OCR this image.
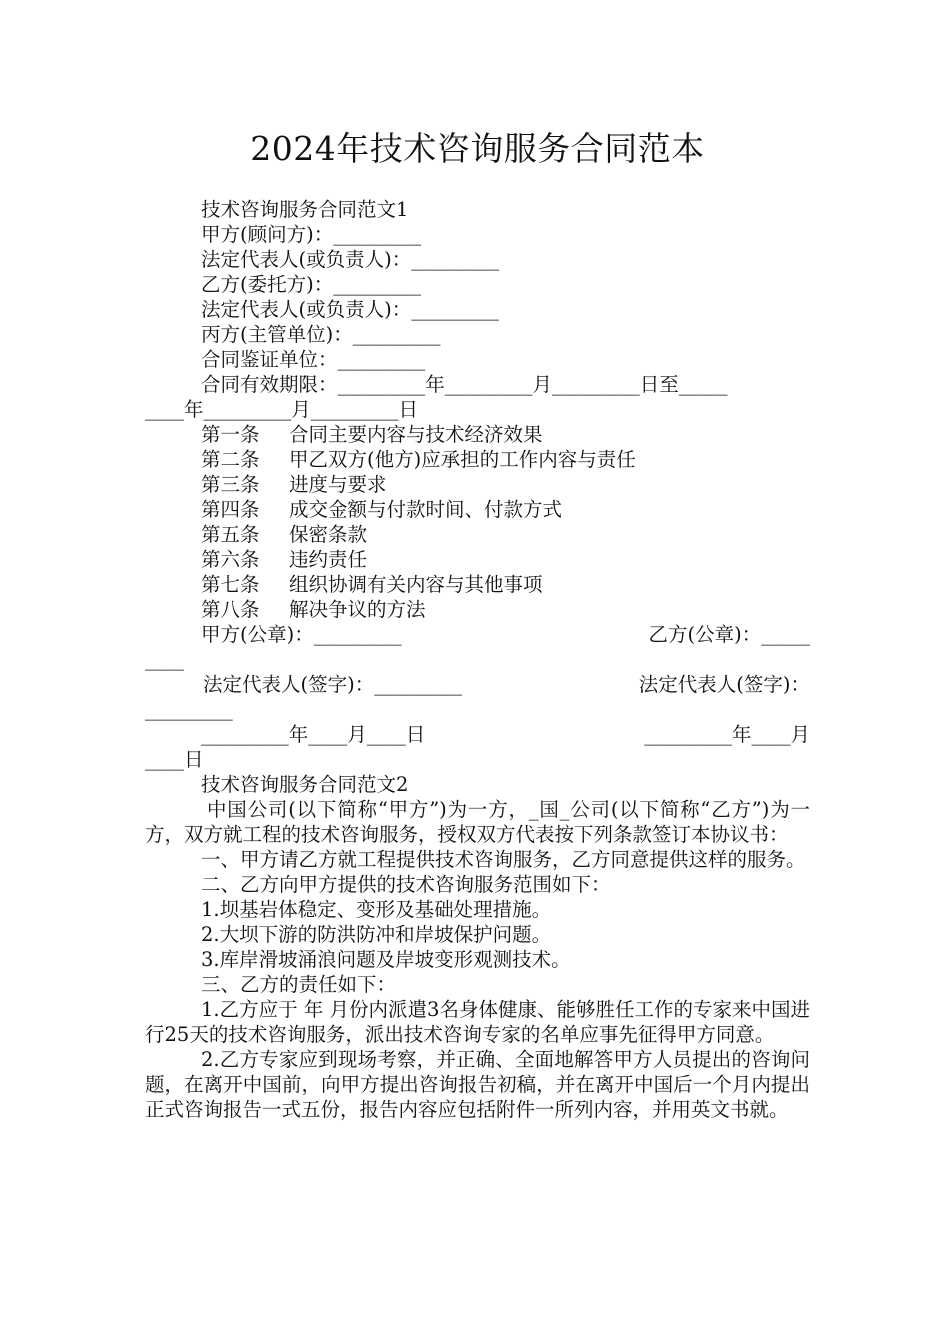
2024年技术咨询服务合同范本
技术咨询服务合同范文1
甲方(顾问方)：_________
法定代表人(或负责人)：_________
乙方(委托方)：_________
法定代表人(或负责人)：_________
丙方(主管单位)：_________
合同鉴证单位：_________
合同有效期限：_________年_________月_________日至_____
____年_________月_________日
第一条 合同主要内容与技术经济效果
第二条 甲乙双方(他方)应承担的工作内容与责任
第三条 进度与要求
第四条 成交金额与付款时间、付款方式
第五条 保密条款
第六条 违约责任
第七条 组织协调有关内容与其他事项
第八条 解决争议的方法
甲方(公章)：_________	乙方(公章)：_____
____
法定代表人(签字)：_________	法定代表人(签字)：
_________
_________年____月____日	_________年____月
____日
技术咨询服务合同范文2
中国公司(以下简称“甲方”)为一方，_国_公司(以下简称“乙方”)为一方，双方就工程的技术咨询服务，授权双方代表按下列条款签订本协议书：
一、甲方请乙方就工程提供技术咨询服务，乙方同意提供这样的服务。
二、乙方向甲方提供的技术咨询服务范围如下：
1.坝基岩体稳定、变形及基础处理措施。
2.大坝下游的防洪防冲和岸坡保护问题。
3.库岸滑坡涌浪问题及岸坡变形观测技术。
三、乙方的责任如下：
1.乙方应于 年 月份内派遣3名身体健康、能够胜任工作的专家来中国进行25天的技术咨询服务，派出技术咨询专家的名单应事先征得甲方同意。
2.乙方专家应到现场考察，并正确、全面地解答甲方人员提出的咨询问题，在离开中国前，向甲方提出咨询报告初稿，并在离开中国后一个月内提出正式咨询报告一式五份，报告内容应包括附件一所列内容，并用英文书就。
